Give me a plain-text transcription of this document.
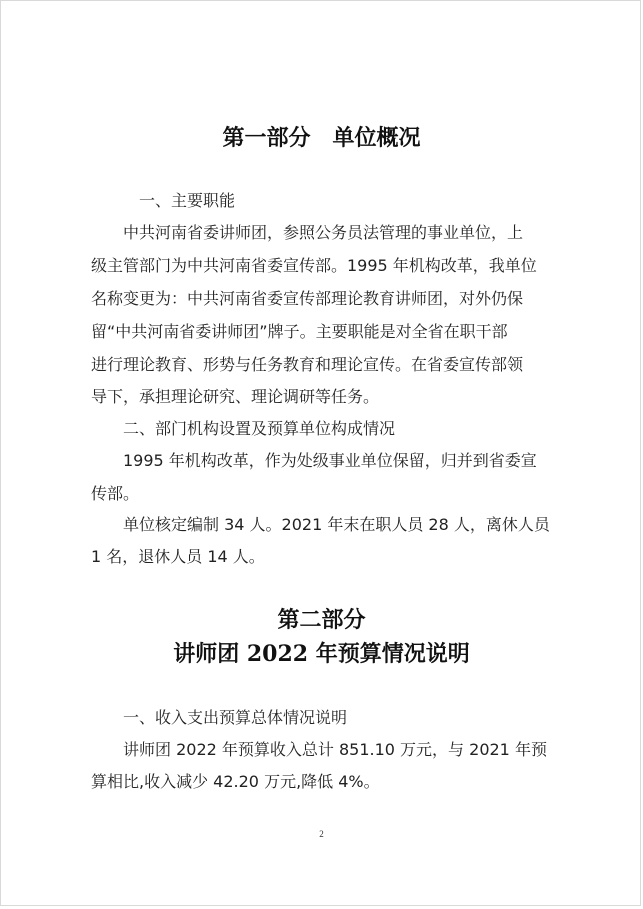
第一部分　单位概况

　一、主要职能

中共河南省委讲师团，参照公务员法管理的事业单位，上

级主管部门为中共河南省委宣传部。1995 年机构改革，我单位

名称变更为：中共河南省委宣传部理论教育讲师团，对外仍保

留“中共河南省委讲师团”牌子。主要职能是对全省在职干部

进行理论教育、形势与任务教育和理论宣传。在省委宣传部领

导下，承担理论研究、理论调研等任务。

二、部门机构设置及预算单位构成情况

1995 年机构改革，作为处级事业单位保留，归并到省委宣

传部。

单位核定编制 34 人。2021 年末在职人员 28 人，离休人员

1 名，退休人员 14 人。

第二部分
讲师团 2022 年预算情况说明

一、收入支出预算总体情况说明

讲师团 2022 年预算收入总计 851.10 万元，与 2021 年预

算相比,收入减少 42.20 万元,降低 4%。

2
